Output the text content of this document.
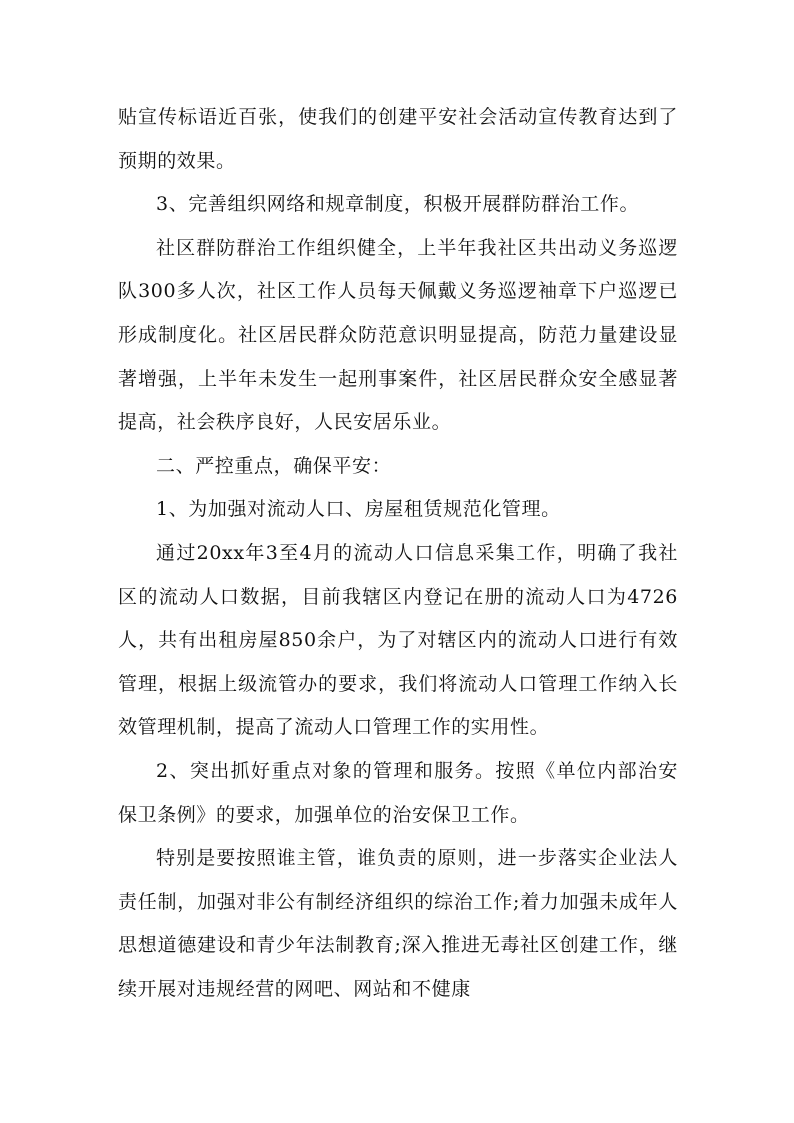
贴宣传标语近百张，使我们的创建平安社会活动宣传教育达到了预期的效果。

3、完善组织网络和规章制度，积极开展群防群治工作。

社区群防群治工作组织健全，上半年我社区共出动义务巡逻队300多人次，社区工作人员每天佩戴义务巡逻袖章下户巡逻已形成制度化。社区居民群众防范意识明显提高，防范力量建设显著增强，上半年未发生一起刑事案件，社区居民群众安全感显著提高，社会秩序良好，人民安居乐业。

二、严控重点，确保平安：

1、为加强对流动人口、房屋租赁规范化管理。

通过20xx年3至4月的流动人口信息采集工作，明确了我社区的流动人口数据，目前我辖区内登记在册的流动人口为4726人，共有出租房屋850余户，为了对辖区内的流动人口进行有效管理，根据上级流管办的要求，我们将流动人口管理工作纳入长效管理机制，提高了流动人口管理工作的实用性。

2、突出抓好重点对象的管理和服务。按照《单位内部治安保卫条例》的要求，加强单位的治安保卫工作。

特别是要按照谁主管，谁负责的原则，进一步落实企业法人责任制，加强对非公有制经济组织的综治工作;着力加强未成年人思想道德建设和青少年法制教育;深入推进无毒社区创建工作，继续开展对违规经营的网吧、网站和不健康
